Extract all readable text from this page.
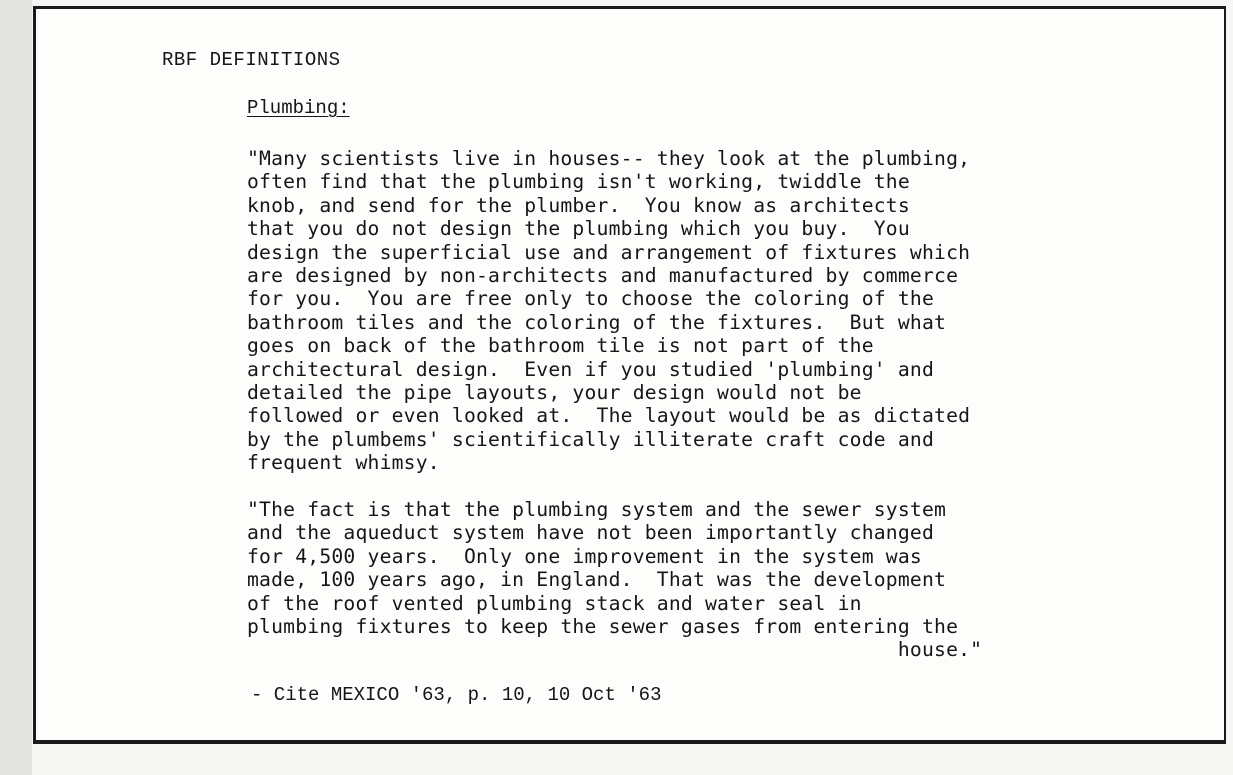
RBF DEFINITIONS
Plumbing:
"Many scientists live in houses-- they look at the plumbing,
often find that the plumbing isn't working, twiddle the
knob, and send for the plumber.  You know as architects
that you do not design the plumbing which you buy.  You
design the superficial use and arrangement of fixtures which
are designed by non-architects and manufactured by commerce
for you.  You are free only to choose the coloring of the
bathroom tiles and the coloring of the fixtures.  But what
goes on back of the bathroom tile is not part of the
architectural design.  Even if you studied 'plumbing' and
detailed the pipe layouts, your design would not be
followed or even looked at.  The layout would be as dictated
by the plumbems' scientifically illiterate craft code and
frequent whimsy.
"The fact is that the plumbing system and the sewer system
and the aqueduct system have not been importantly changed
for 4,500 years.  Only one improvement in the system was
made, 100 years ago, in England.  That was the development
of the roof vented plumbing stack and water seal in
plumbing fixtures to keep the sewer gases from entering the
house."
- Cite MEXICO '63, p. 10, 10 Oct '63
